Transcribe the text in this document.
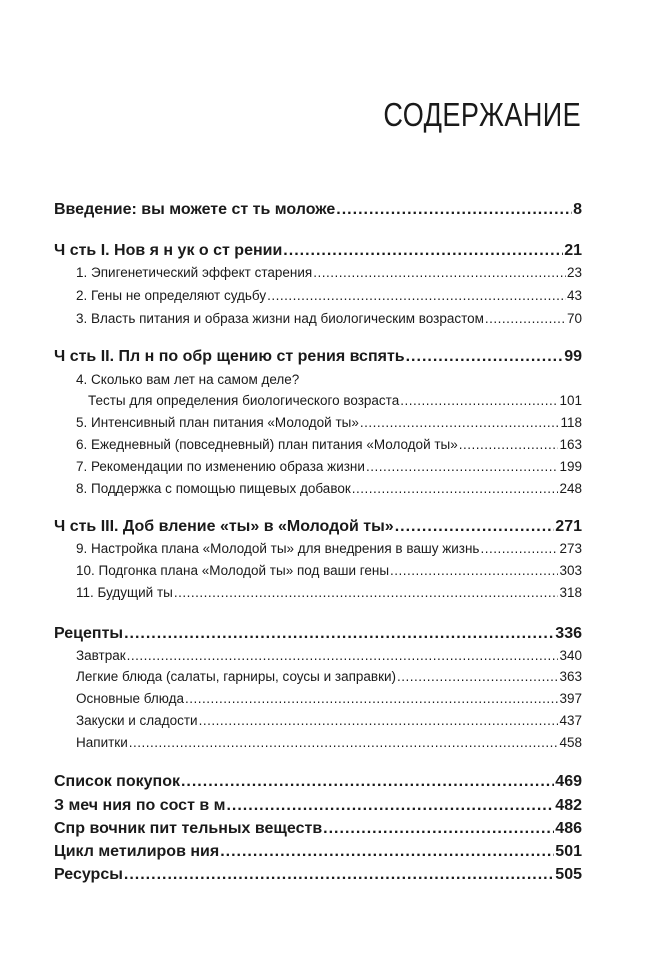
СОДЕРЖАНИЕ
Введение: вы можете ст ть моложе .....	8
Ч сть I. Нов я н ук о ст рении .....	21
1. Эпигенетический эффект старения .....	23
2. Гены не определяют судьбу .....	43
3. Власть питания и образа жизни над биологическим возрастом .....	70
Ч сть II. Пл н по обр щению ст рения вспять .....	99
4. Сколько вам лет на самом деле?
Тесты для определения биологического возраста .....	101
5. Интенсивный план питания «Молодой ты» .....	118
6. Ежедневный (повседневный) план питания «Молодой ты» .....	163
7. Рекомендации по изменению образа жизни .....	199
8. Поддержка с помощью пищевых добавок .....	248
Ч сть III. Доб вление «ты» в «Молодой ты» .....	271
9. Настройка плана «Молодой ты» для внедрения в вашу жизнь .....	273
10. Подгонка плана «Молодой ты» под ваши гены .....	303
11. Будущий ты .....	318
Рецепты .....	336
Завтрак .....	340
Легкие блюда (салаты, гарниры, соусы и заправки) .....	363
Основные блюда .....	397
Закуски и сладости .....	437
Напитки .....	458
Список покупок .....	469
З меч ния по сост в м .....	482
Спр вочник пит тельных веществ .....	486
Цикл метилиров ния .....	501
Ресурсы .....	505
